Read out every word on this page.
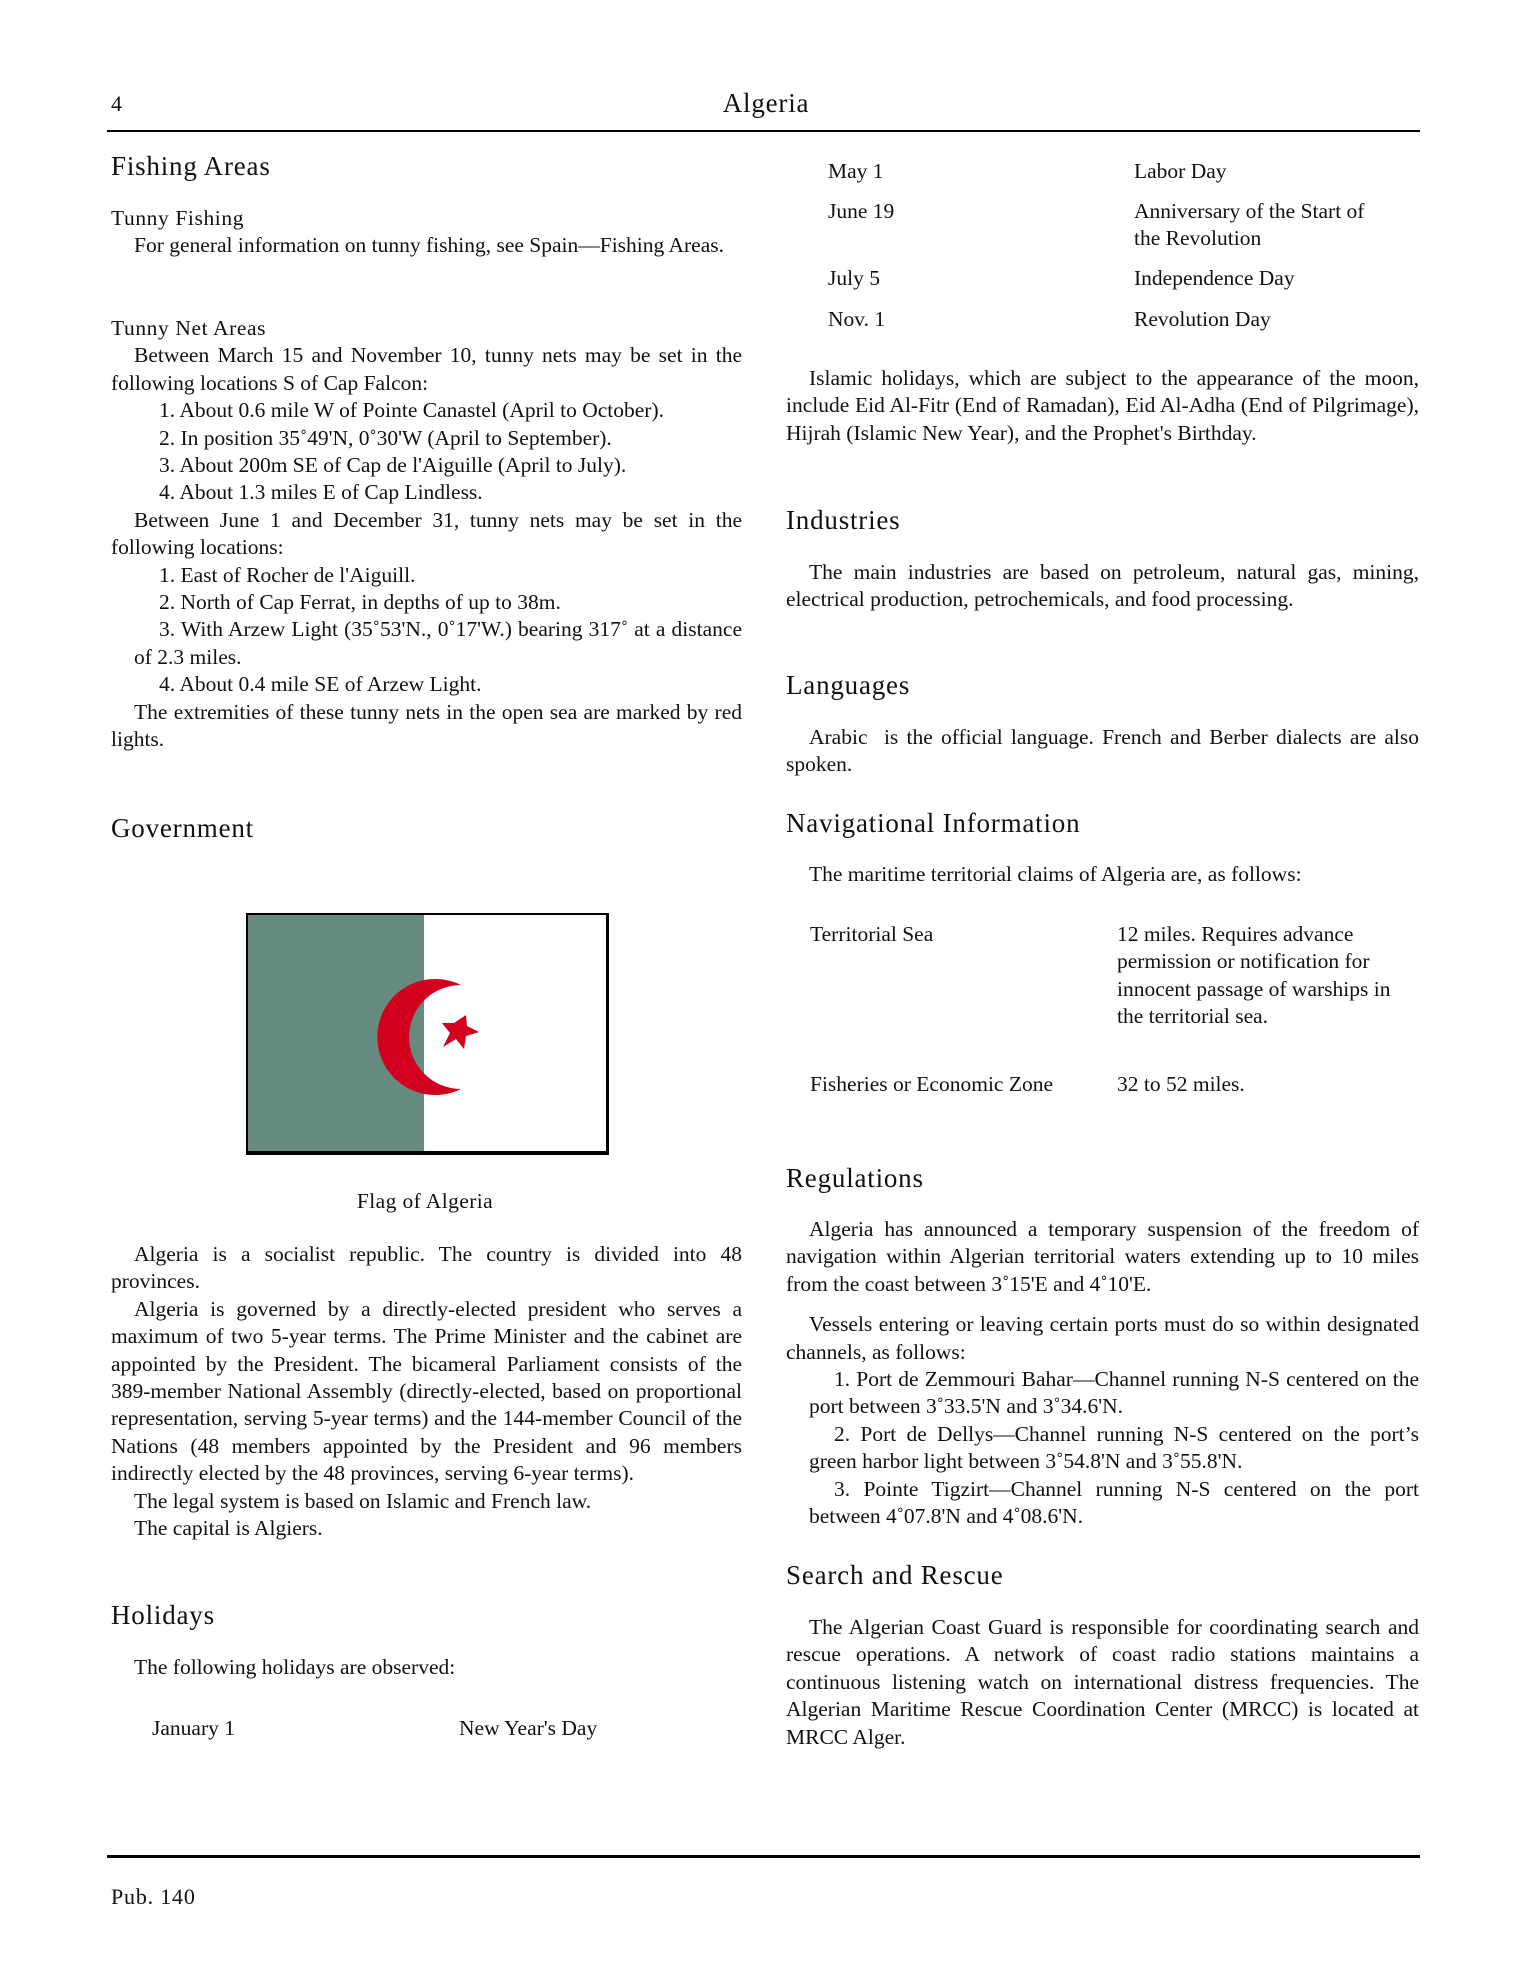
4	Algeria
Fishing Areas

Tunny Fishing

For general information on tunny fishing, see Spain—Fishing Areas.

Tunny Net Areas

Between March 15 and November 10, tunny nets may be set in the following locations S of Cap Falcon:

1. About 0.6 mile W of Pointe Canastel (April to October).

2. In position 35˚49'N, 0˚30'W (April to September).

3. About 200m SE of Cap de l'Aiguille (April to July).

4. About 1.3 miles E of Cap Lindless.

Between June 1 and December 31, tunny nets may be set in the following locations:

1. East of Rocher de l'Aiguill.

2. North of Cap Ferrat, in depths of up to 38m.

3. With Arzew Light (35˚53'N., 0˚17'W.) bearing 317˚ at a distance of 2.3 miles.

4. About 0.4 mile SE of Arzew Light.

The extremities of these tunny nets in the open sea are marked by red lights.

Government
Flag of Algeria

Algeria is a socialist republic. The country is divided into 48 provinces.

Algeria is governed by a directly-elected president who serves a maximum of two 5-year terms. The Prime Minister and the cabinet are appointed by the President. The bicameral Parliament consists of the 389-member National Assembly (directly-elected, based on proportional representation, serving 5-year terms) and the 144-member Council of the Nations (48 members appointed by the President and 96 members indirectly elected by the 48 provinces, serving 6-year terms).

The legal system is based on Islamic and French law.

The capital is Algiers.

Holidays
The following holidays are observed:
January 1	New Year's Day
May 1	Labor Day
June 19	Anniversary of the Start of the Revolution
July 5	Independence Day
Nov. 1	Revolution Day
Islamic holidays, which are subject to the appearance of the moon, include Eid Al-Fitr (End of Ramadan), Eid Al-Adha (End of Pilgrimage), Hijrah (Islamic New Year), and the Prophet's Birthday.
Industries
The main industries are based on petroleum, natural gas, mining, electrical production, petrochemicals, and food processing.
Languages
Arabic  is the official language. French and Berber dialects are also spoken.
Navigational Information
The maritime territorial claims of Algeria are, as follows:
Territorial Sea	12 miles. Requires advance permission or notification for innocent passage of warships in the territorial sea.
Fisheries or Economic Zone	32 to 52 miles.
Regulations

Algeria has announced a temporary suspension of the freedom of navigation within Algerian territorial waters extending up to 10 miles from the coast between 3˚15'E and 4˚10'E.

Vessels entering or leaving certain ports must do so within designated channels, as follows:

1. Port de Zemmouri Bahar—Channel running N-S centered on the port between 3˚33.5'N and 3˚34.6'N.

2. Port de Dellys—Channel running N-S centered on the port’s green harbor light between 3˚54.8'N and 3˚55.8'N.

3. Pointe Tigzirt—Channel running N-S centered on the port between 4˚07.8'N and 4˚08.6'N.

Search and Rescue
The Algerian Coast Guard is responsible for coordinating search and rescue operations. A network of coast radio stations maintains a continuous listening watch on international distress frequencies. The Algerian Maritime Rescue Coordination Center (MRCC) is located at MRCC Alger.
Pub. 140
